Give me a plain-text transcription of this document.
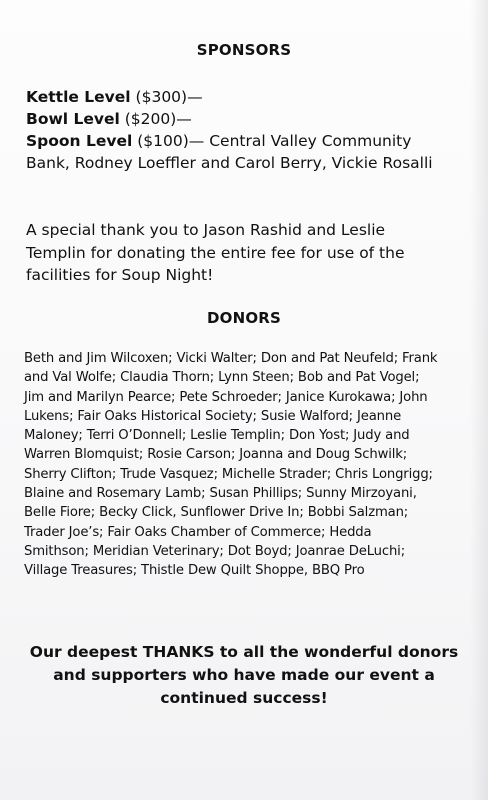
SPONSORS
Kettle Level ($300)—
Bowl Level ($200)—
Spoon Level ($100)— Central Valley Community Bank, Rodney Loeffler and Carol Berry, Vickie Rosalli
A special thank you to Jason Rashid and Leslie Templin for donating the entire fee for use of the facilities for Soup Night!
DONORS
Beth and Jim Wilcoxen; Vicki Walter; Don and Pat Neufeld; Frank and Val Wolfe; Claudia Thorn; Lynn Steen; Bob and Pat Vogel; Jim and Marilyn Pearce; Pete Schroeder; Janice Kurokawa; John Lukens; Fair Oaks Historical Society; Susie Walford; Jeanne Maloney; Terri O’Donnell; Leslie Templin; Don Yost; Judy and Warren Blomquist; Rosie Carson; Joanna and Doug Schwilk; Sherry Clifton; Trude Vasquez; Michelle Strader; Chris Longrigg; Blaine and Rosemary Lamb; Susan Phillips; Sunny Mirzoyani, Belle Fiore; Becky Click, Sunflower Drive In; Bobbi Salzman; Trader Joe’s; Fair Oaks Chamber of Commerce; Hedda Smithson; Meridian Veterinary; Dot Boyd; Joanrae DeLuchi; Village Treasures; Thistle Dew Quilt Shoppe, BBQ Pro
Our deepest THANKS to all the wonderful donors and supporters who have made our event a continued success!
